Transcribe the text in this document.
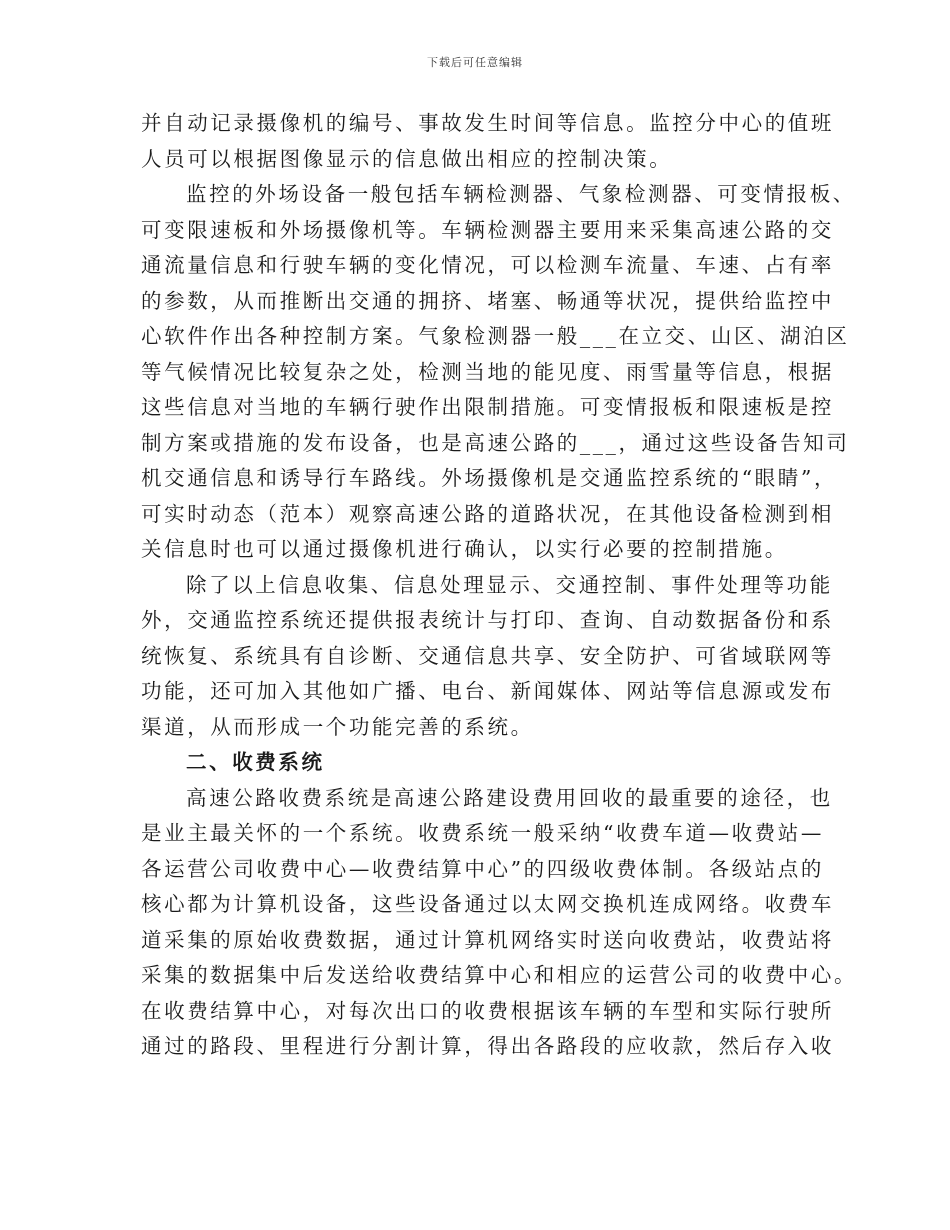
下载后可任意编辑

并自动记录摄像机的编号、事故发生时间等信息。监控分中心的值班
人员可以根据图像显示的信息做出相应的控制决策。

监控的外场设备一般包括车辆检测器、气象检测器、可变情报板、
可变限速板和外场摄像机等。车辆检测器主要用来采集高速公路的交
通流量信息和行驶车辆的变化情况，可以检测车流量、车速、占有率
的参数，从而推断出交通的拥挤、堵塞、畅通等状况，提供给监控中
心软件作出各种控制方案。气象检测器一般___在立交、山区、湖泊区
等气候情况比较复杂之处，检测当地的能见度、雨雪量等信息，根据
这些信息对当地的车辆行驶作出限制措施。可变情报板和限速板是控
制方案或措施的发布设备，也是高速公路的___，通过这些设备告知司
机交通信息和诱导行车路线。外场摄像机是交通监控系统的“眼睛”，
可实时动态（范本）观察高速公路的道路状况，在其他设备检测到相
关信息时也可以通过摄像机进行确认，以实行必要的控制措施。

除了以上信息收集、信息处理显示、交通控制、事件处理等功能
外，交通监控系统还提供报表统计与打印、查询、自动数据备份和系
统恢复、系统具有自诊断、交通信息共享、安全防护、可省域联网等
功能，还可加入其他如广播、电台、新闻媒体、网站等信息源或发布
渠道，从而形成一个功能完善的系统。

二、收费系统

高速公路收费系统是高速公路建设费用回收的最重要的途径，也
是业主最关怀的一个系统。收费系统一般采纳“收费车道—收费站—
各运营公司收费中心—收费结算中心”的四级收费体制。各级站点的
核心都为计算机设备，这些设备通过以太网交换机连成网络。收费车
道采集的原始收费数据，通过计算机网络实时送向收费站，收费站将
采集的数据集中后发送给收费结算中心和相应的运营公司的收费中心。
在收费结算中心，对每次出口的收费根据该车辆的车型和实际行驶所
通过的路段、里程进行分割计算，得出各路段的应收款，然后存入收
